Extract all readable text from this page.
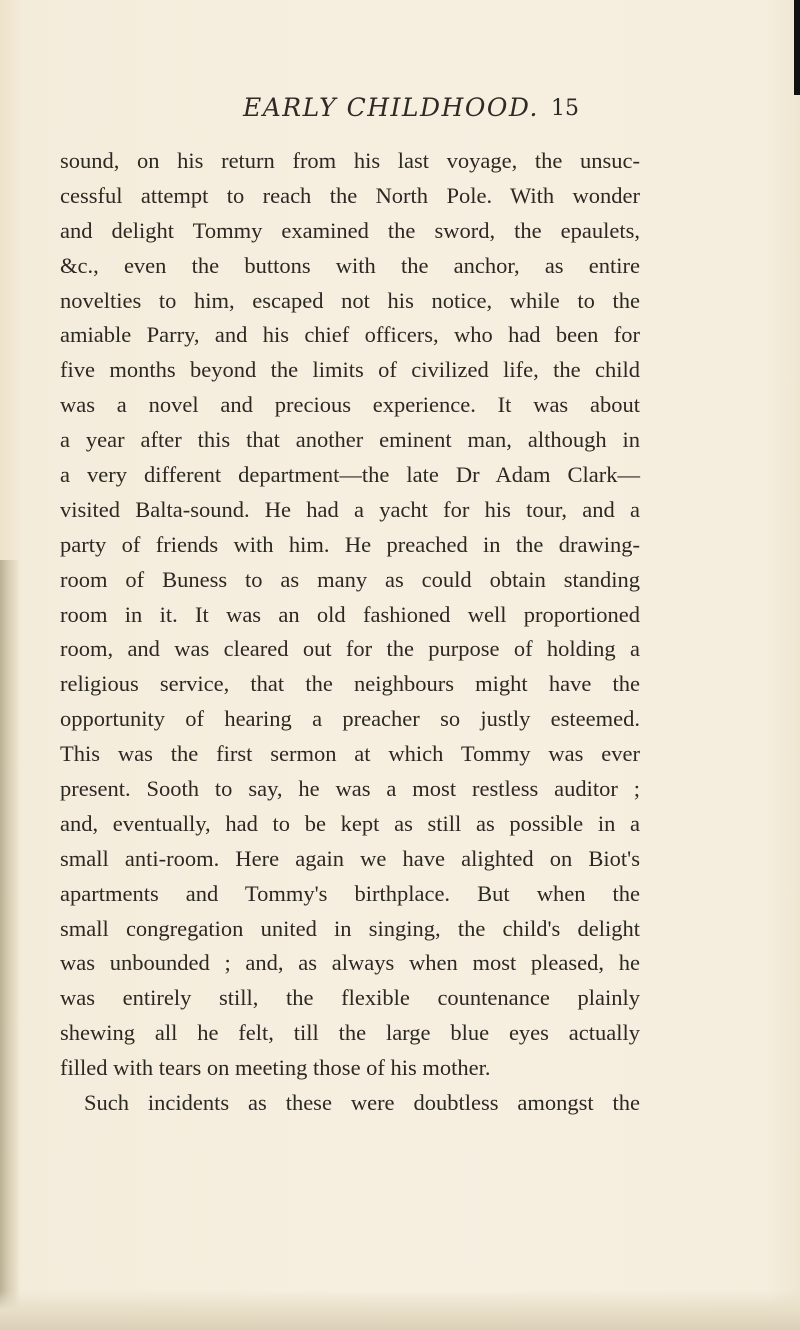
EARLY CHILDHOOD. 15
sound, on his return from his last voyage, the unsuc-
cessful attempt to reach the North Pole. With wonder
and delight Tommy examined the sword, the epaulets,
&c., even the buttons with the anchor, as entire
novelties to him, escaped not his notice, while to the
amiable Parry, and his chief officers, who had been for
five months beyond the limits of civilized life, the child
was a novel and precious experience. It was about
a year after this that another eminent man, although in
a very different department—the late Dr Adam Clark—
visited Balta-sound. He had a yacht for his tour, and a
party of friends with him. He preached in the drawing-
room of Buness to as many as could obtain standing
room in it. It was an old fashioned well proportioned
room, and was cleared out for the purpose of holding a
religious service, that the neighbours might have the
opportunity of hearing a preacher so justly esteemed.
This was the first sermon at which Tommy was ever
present. Sooth to say, he was a most restless auditor ;
and, eventually, had to be kept as still as possible in a
small anti-room. Here again we have alighted on Biot's
apartments and Tommy's birthplace. But when the
small congregation united in singing, the child's delight
was unbounded ; and, as always when most pleased, he
was entirely still, the flexible countenance plainly
shewing all he felt, till the large blue eyes actually
filled with tears on meeting those of his mother.
Such incidents as these were doubtless amongst the
